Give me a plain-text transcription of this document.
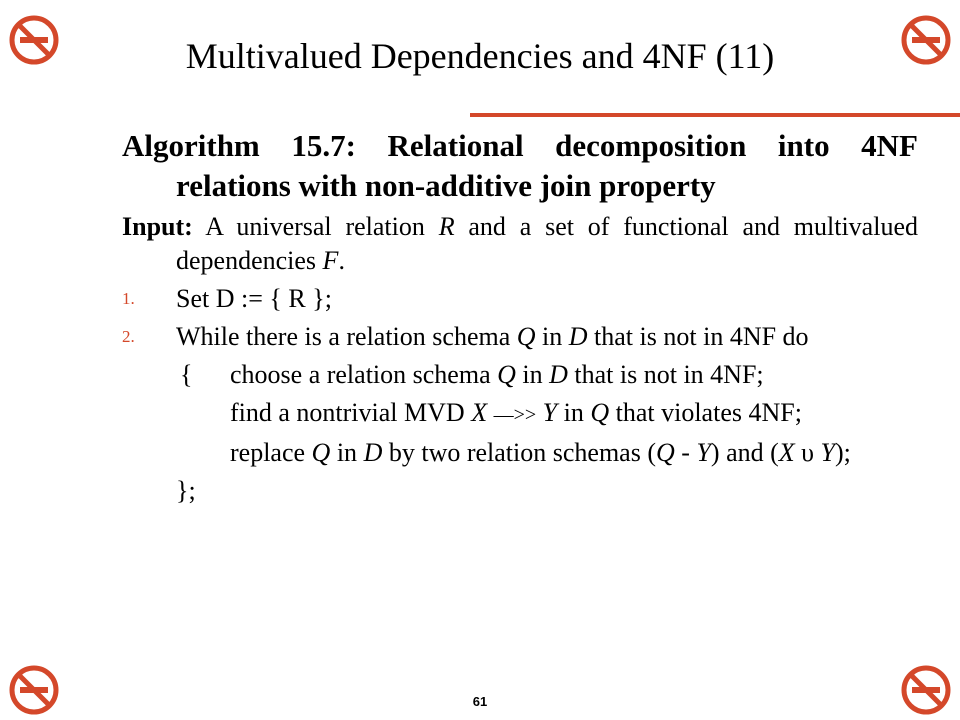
Multivalued Dependencies and 4NF (11)

Algorithm 15.7: Relational decomposition into 4NF relations with non-additive join property

Input: A universal relation R and a set of functional and multivalued dependencies F.

1. Set D := { R };
2. While there is a relation schema Q in D that is not in 4NF do
{ choose a relation schema Q in D that is not in 4NF;
find a nontrivial MVD X —>> Y in Q that violates 4NF;
replace Q in D by two relation schemas (Q - Y) and (X υ Y);

};

61
